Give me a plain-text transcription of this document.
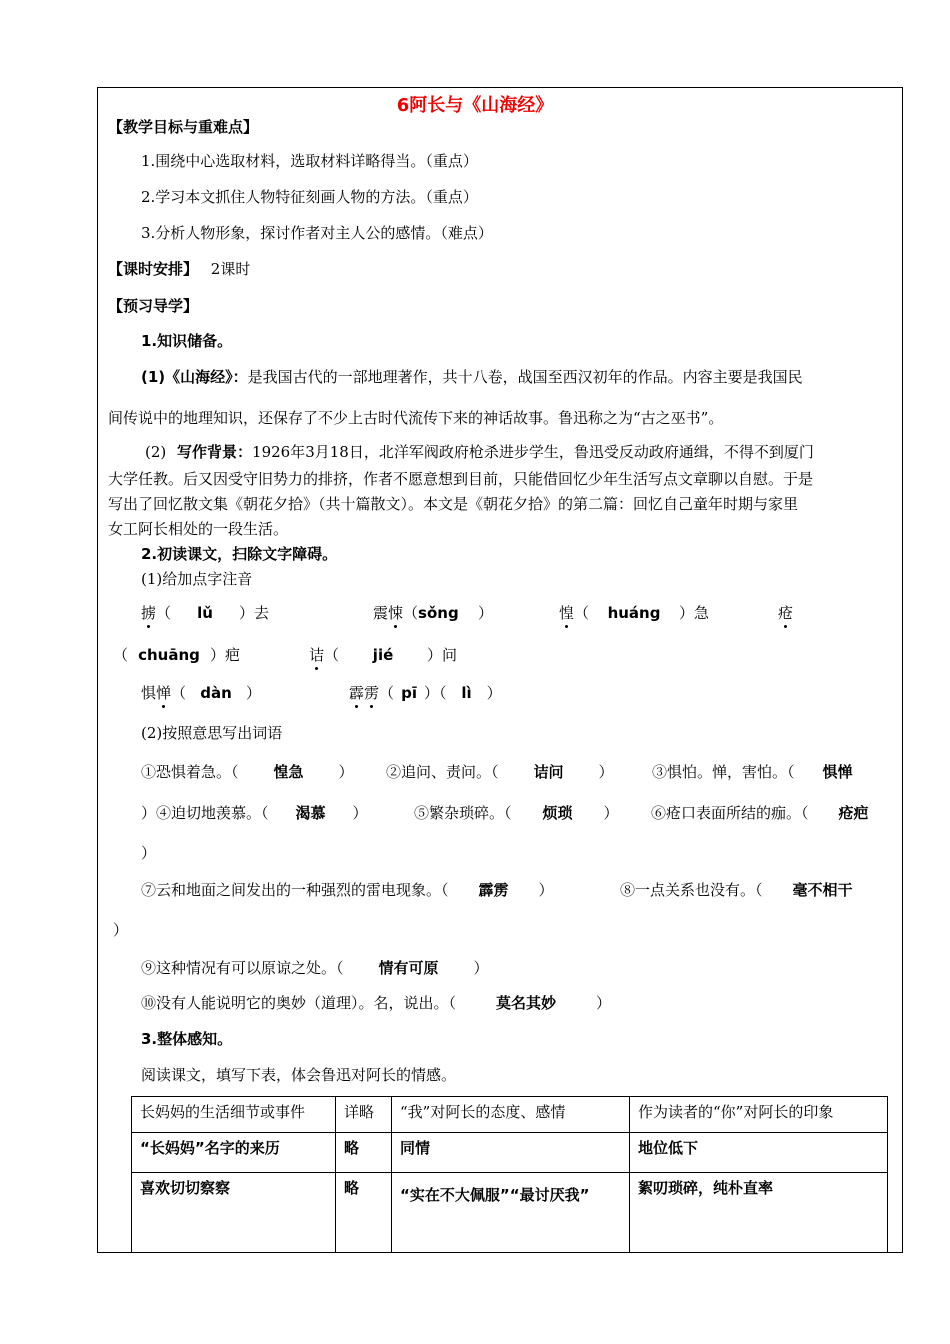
6阿长与《山海经》
【教学目标与重难点】
1.围绕中心选取材料，选取材料详略得当。（重点）
2.学习本文抓住人物特征刻画人物的方法。（重点）
3.分析人物形象，探讨作者对主人公的感情。（难点）
【课时安排】 2课时
【预习导学】
1.知识储备。
(1)《山海经》：是我国古代的一部地理著作，共十八卷，战国至西汉初年的作品。内容主要是我国民
间传说中的地理知识，还保存了不少上古时代流传下来的神话故事。鲁迅称之为“古之巫书”。
(2) 写作背景：1926年3月18日，北洋军阀政府枪杀进步学生，鲁迅受反动政府通缉，不得不到厦门
大学任教。后又因受守旧势力的排挤，作者不愿意想到目前，只能借回忆少年生活写点文章聊以自慰。于是
写出了回忆散文集《朝花夕拾》（共十篇散文）。本文是《朝花夕拾》的第二篇：回忆自己童年时期与家里
女工阿长相处的一段生活。
2.初读课文，扫除文字障碍。
(1)给加点字注音
掳（ lǔ ）去	震悚（sǒng ）	惶（ huáng ）急	疮
（ chuāng ）疤	诘（ jié ）问
惧惮（ dàn ）	霹雳（ pī ）（ lì ）
(2)按照意思写出词语
①恐惧着急。（ 惶急 ） ②追问、责问。（ 诘问 ）	③惧怕。惮，害怕。（ 惧惮
）④迫切地羡慕。（ 渴慕 ）	⑤繁杂琐碎。（ 烦琐 ） ⑥疮口表面所结的痂。（ 疮疤
）
⑦云和地面之间发出的一种强烈的雷电现象。（ 霹雳 ）	⑧一点关系也没有。（ 毫不相干
）
⑨这种情况有可以原谅之处。（ 情有可原 ）
⑩没有人能说明它的奥妙（道理）。名，说出。（	莫名其妙	）
3.整体感知。
阅读课文，填写下表，体会鲁迅对阿长的情感。
长妈妈的生活细节或事件	详略	“我”对阿长的态度、感情	作为读者的“你”对阿长的印象
“长妈妈”名字的来历	略	同情	地位低下
喜欢切切察察	略	“实在不大佩服”“最讨厌我”	絮叨琐碎，纯朴直率
